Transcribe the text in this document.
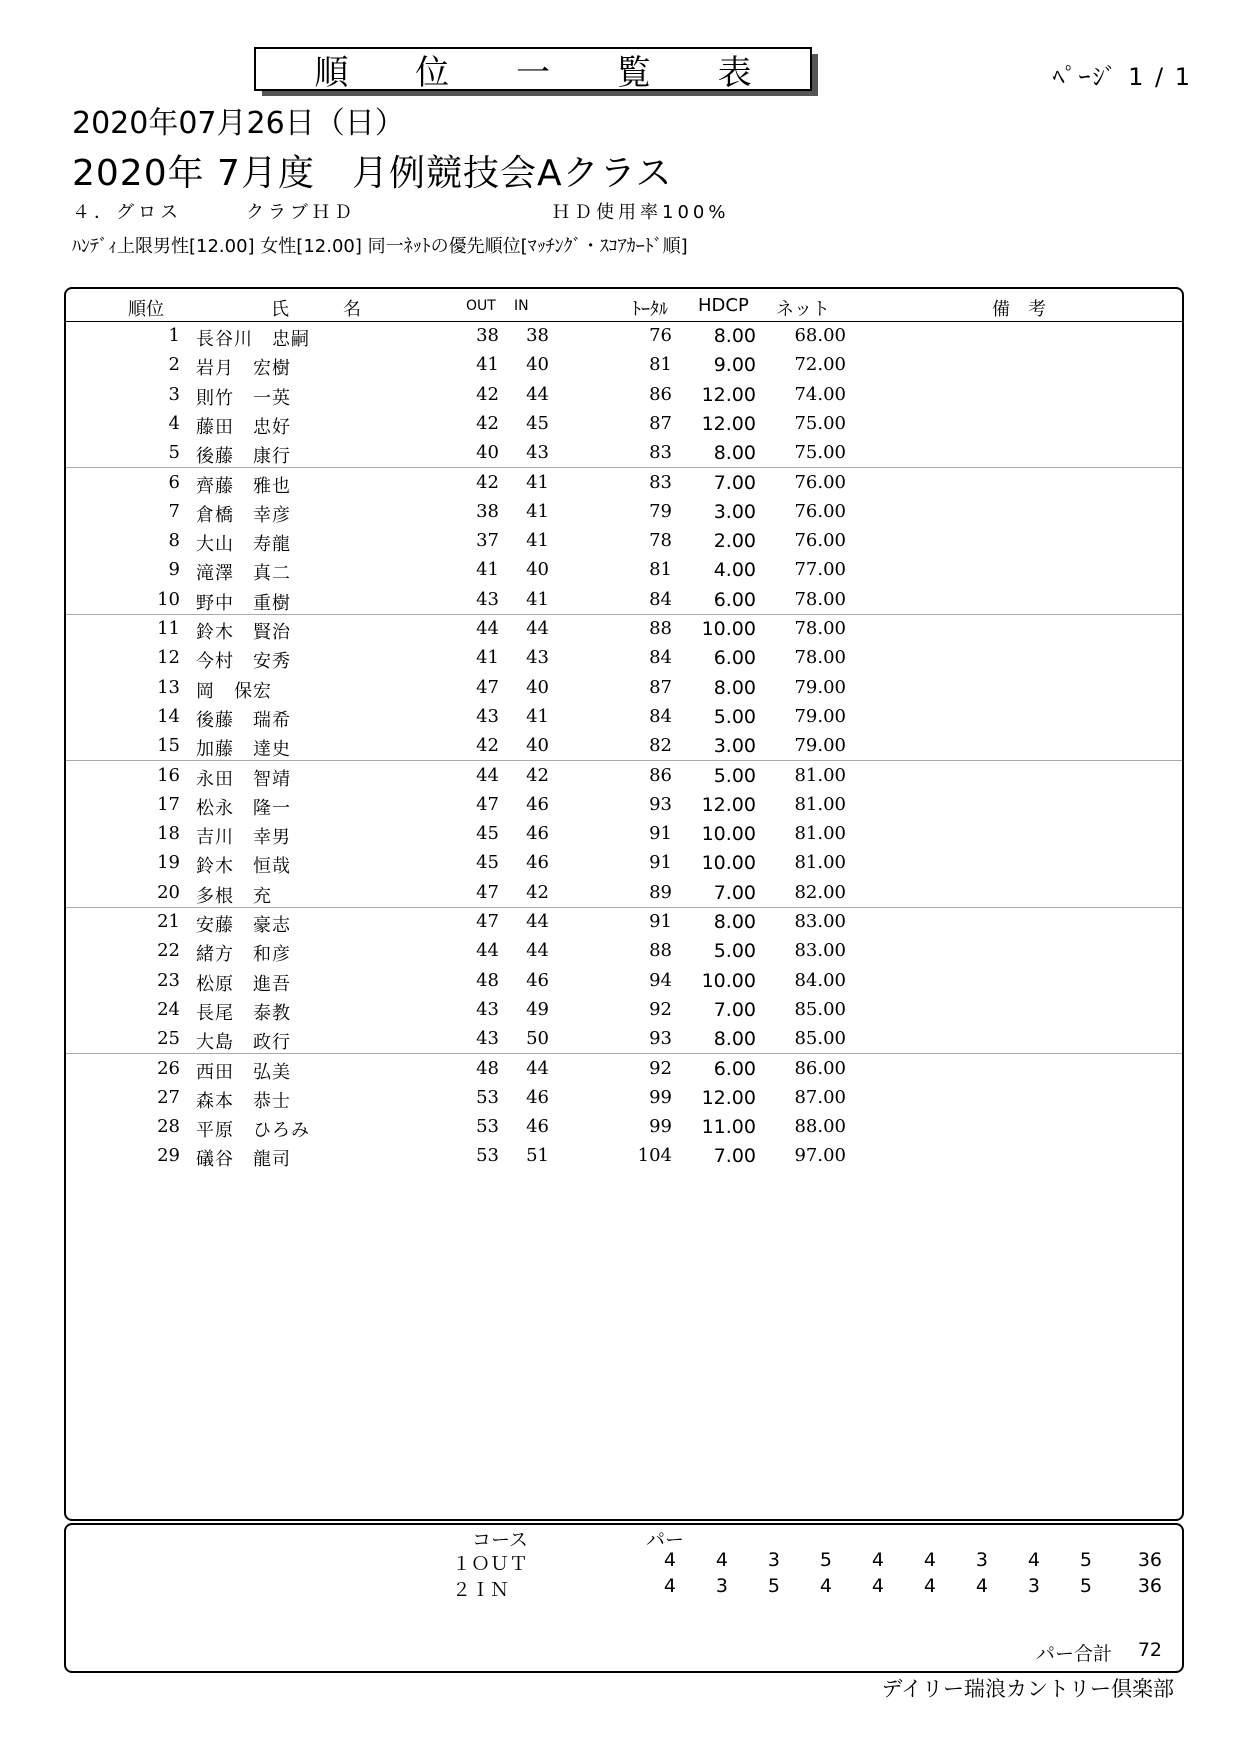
順 位 一 覧 表	ﾍﾟｰｼﾞ 1 / 1
2020年07月26日（日）
2020年 7月度　月例競技会Aクラス
４．グロス	クラブＨＤ	ＨＤ使用率100%
ﾊﾝﾃﾞｨ上限男性[12.00] 女性[12.00] 同一ﾈｯﾄの優先順位[ﾏｯﾁﾝｸﾞ・ｽｺｱｶｰﾄﾞ順]
順位	氏　　　名	OUT IN	ﾄｰﾀﾙ HDCP ネット	備　考
1 長谷川　忠嗣	38 38	76 8.00 68.00
2 岩月　宏樹	41 40	81 9.00 72.00
3 則竹　一英	42 44	86 12.00 74.00
4 藤田　忠好	42 45	87 12.00 75.00
5 後藤　康行	40 43	83 8.00 75.00
6 齊藤　雅也	42 41	83 7.00 76.00
7 倉橋　幸彦	38 41	79 3.00 76.00
8 大山　寿龍	37 41	78 2.00 76.00
9 滝澤　真二	41 40	81 4.00 77.00
10 野中　重樹	43 41	84 6.00 78.00
11 鈴木　賢治	44 44	88 10.00 78.00
12 今村　安秀	41 43	84 6.00 78.00
13 岡　保宏	47 40	87 8.00 79.00
14 後藤　瑞希	43 41	84 5.00 79.00
15 加藤　達史	42 40	82 3.00 79.00
16 永田　智靖	44 42	86 5.00 81.00
17 松永　隆一	47 46	93 12.00 81.00
18 吉川　幸男	45 46	91 10.00 81.00
19 鈴木　恒哉	45 46	91 10.00 81.00
20 多根　充	47 42	89 7.00 82.00
21 安藤　豪志	47 44	91 8.00 83.00
22 緒方　和彦	44 44	88 5.00 83.00
23 松原　進吾	48 46	94 10.00 84.00
24 長尾　泰教	43 49	92 7.00 85.00
25 大島　政行	43 50	93 8.00 85.00
26 西田　弘美	48 44	92 6.00 86.00
27 森本　恭士	53 46	99 12.00 87.00
28 平原　ひろみ	53 46	99 11.00 88.00
29 礒谷　龍司	53 51	104 7.00 97.00
コース	パー
１ＯＵＴ	4	4	3	5	4	4	3	4	5	36
２ＩＮ	4	3	5	4	4	4	4	3	5	36
パー合計	72
デイリー瑞浪カントリー倶楽部
